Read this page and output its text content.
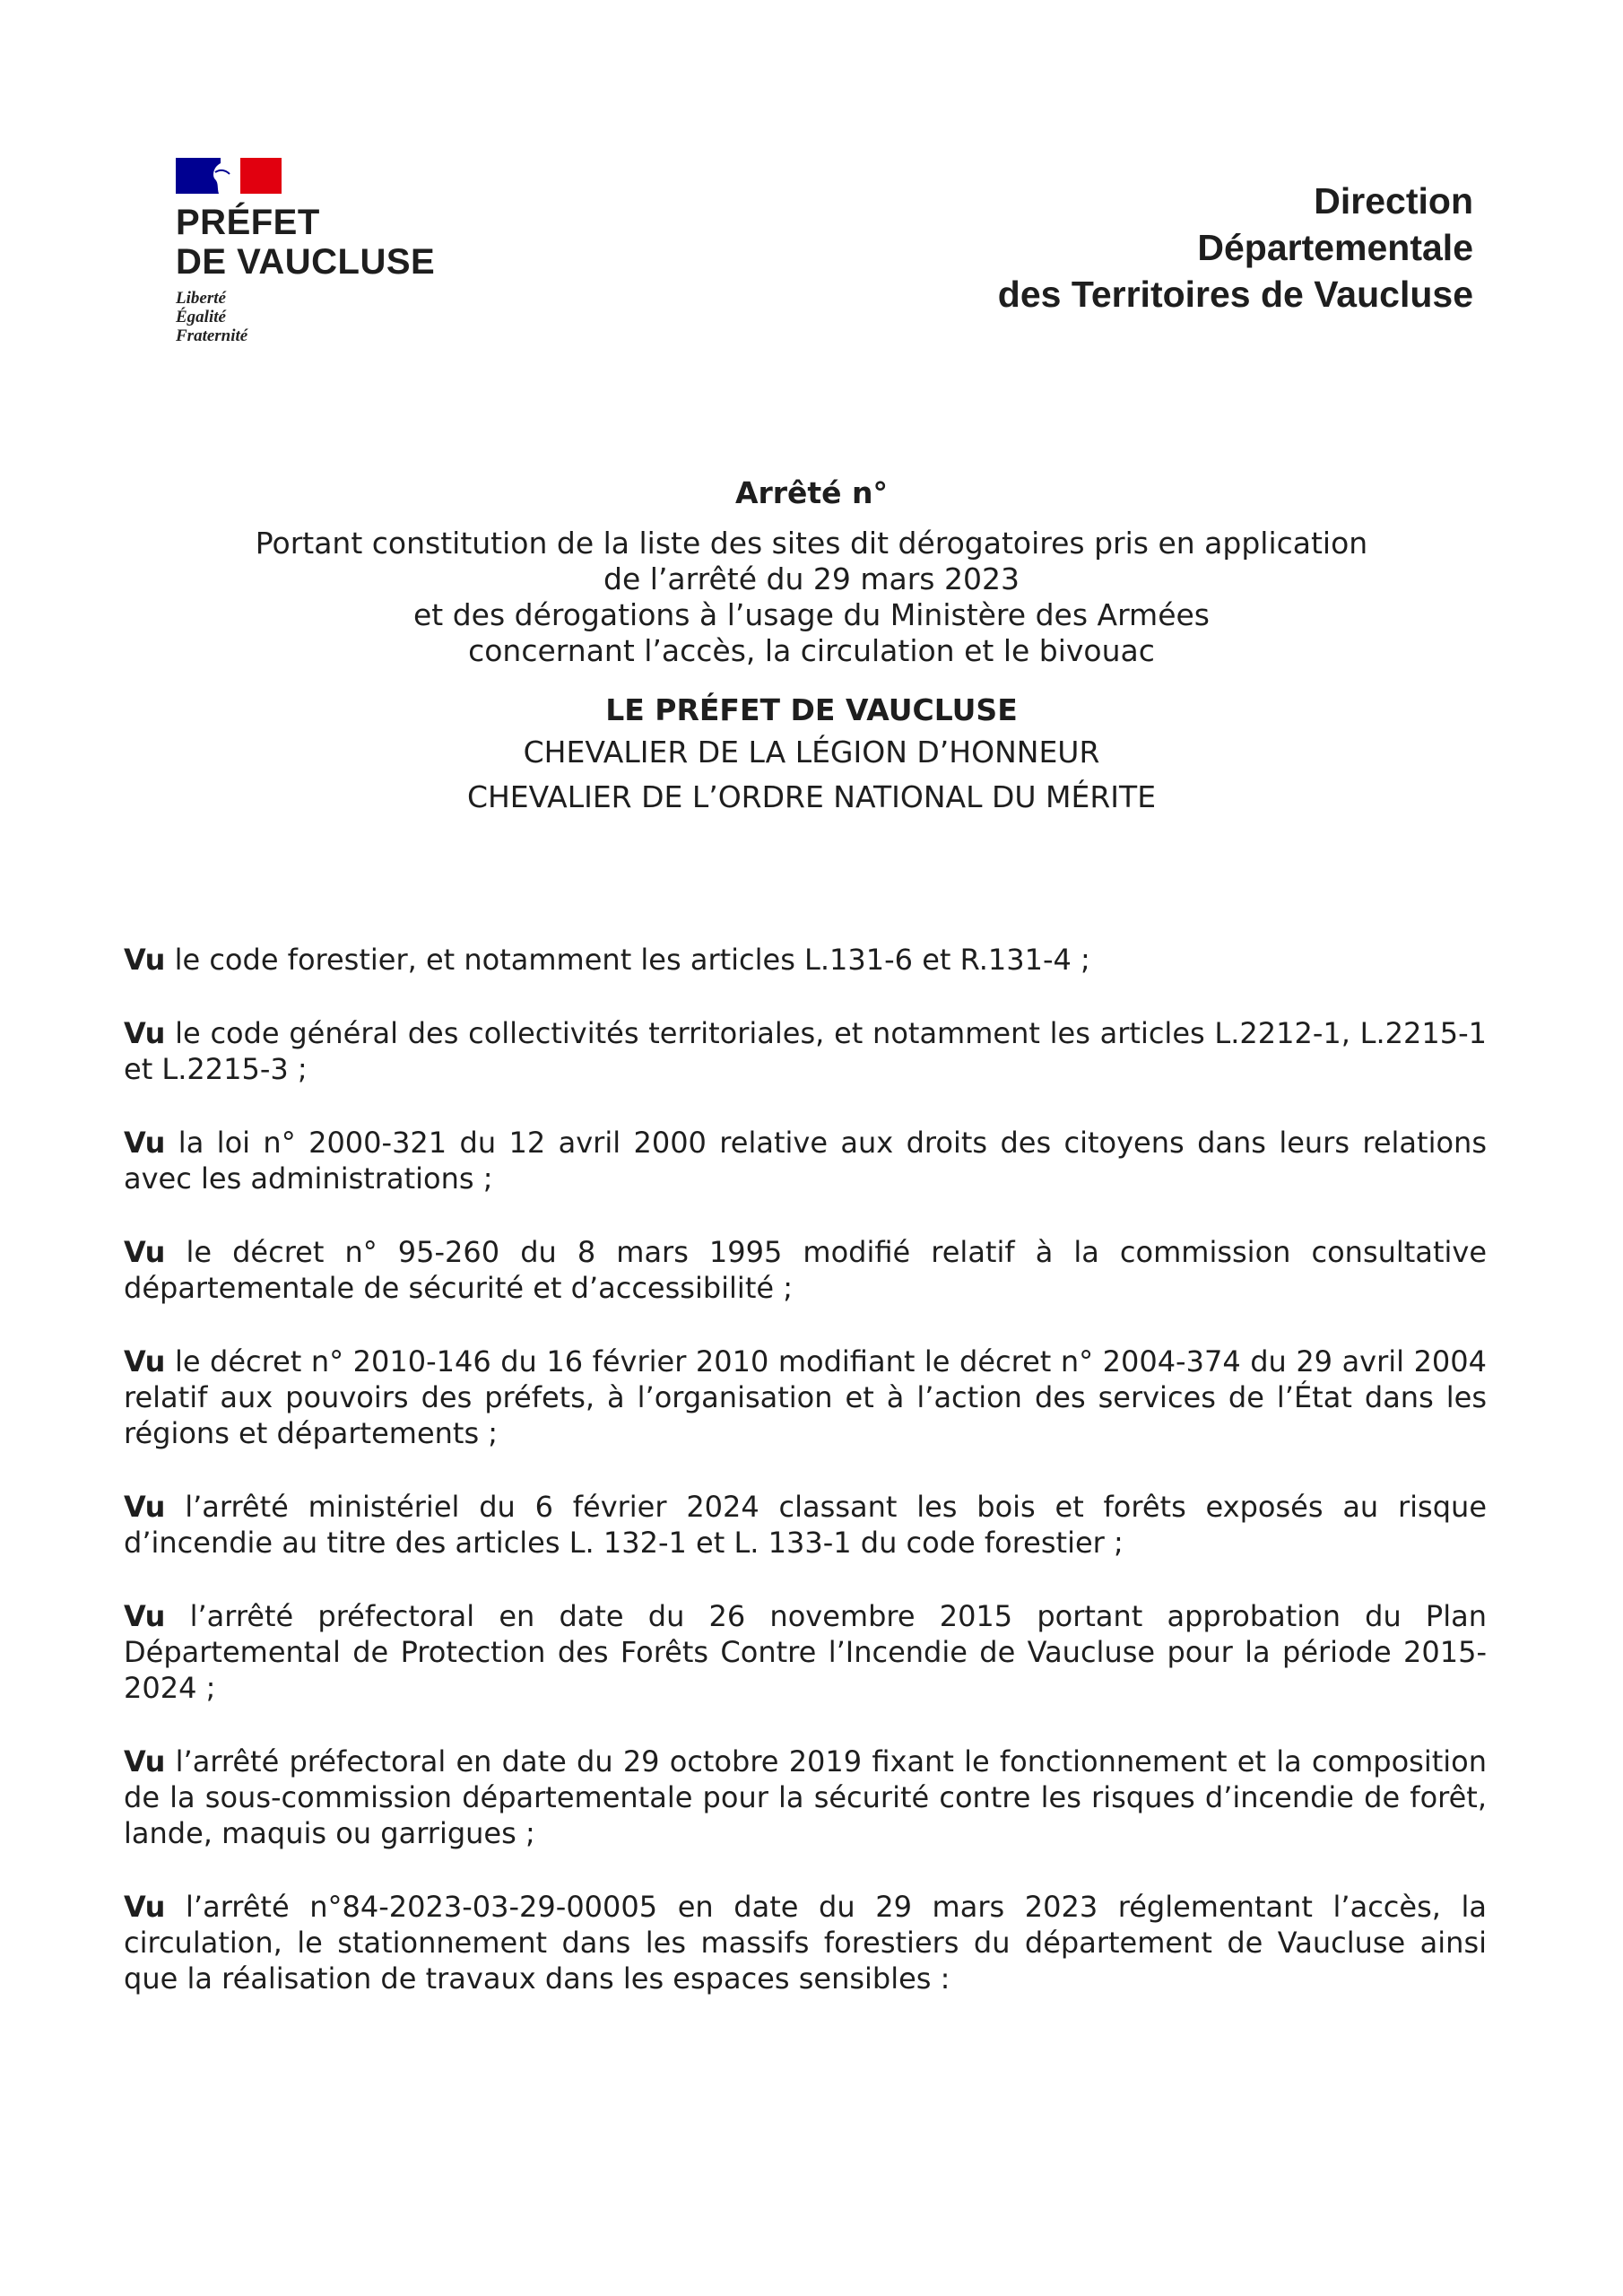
PRÉFET
DE VAUCLUSE
Liberté
Égalité
Fraternité
Direction
Départementale
des Territoires de Vaucluse
Arrêté n°
Portant constitution de la liste des sites dit dérogatoires pris en application
de l’arrêté du 29 mars 2023
et des dérogations à l’usage du Ministère des Armées
concernant l’accès, la circulation et le bivouac
LE PRÉFET DE VAUCLUSE
CHEVALIER DE LA LÉGION D’HONNEUR
CHEVALIER DE L’ORDRE NATIONAL DU MÉRITE

Vu le code forestier, et notamment les articles L.131-6 et R.131-4 ;

Vu le code général des collectivités territoriales, et notamment les articles L.2212-1, L.2215-1 et L.2215-3 ;

Vu la loi n° 2000-321 du 12 avril 2000 relative aux droits des citoyens dans leurs relations avec les administrations ;

Vu le décret n° 95-260 du 8 mars 1995 modifié relatif à la commission consultative départementale de sécurité et d’accessibilité ;

Vu le décret n° 2010-146 du 16 février 2010 modifiant le décret n° 2004-374 du 29 avril 2004 relatif aux pouvoirs des préfets, à l’organisation et à l’action des services de l’État dans les régions et départements ;

Vu l’arrêté ministériel du 6 février 2024 classant les bois et forêts exposés au risque d’incendie au titre des articles L. 132-1 et L. 133-1 du code forestier ;

Vu l’arrêté préfectoral en date du 26 novembre 2015 portant approbation du Plan Départemental de Protection des Forêts Contre l’Incendie de Vaucluse pour la période 2015-2024 ;

Vu l’arrêté préfectoral en date du 29 octobre 2019 fixant le fonctionnement et la composition de la sous-commission départementale pour la sécurité contre les risques d’incendie de forêt, lande, maquis ou garrigues ;

Vu l’arrêté n°84-2023-03-29-00005 en date du 29 mars 2023 réglementant l’accès, la circulation, le stationnement dans les massifs forestiers du département de Vaucluse ainsi que la réalisation de travaux dans les espaces sensibles :
